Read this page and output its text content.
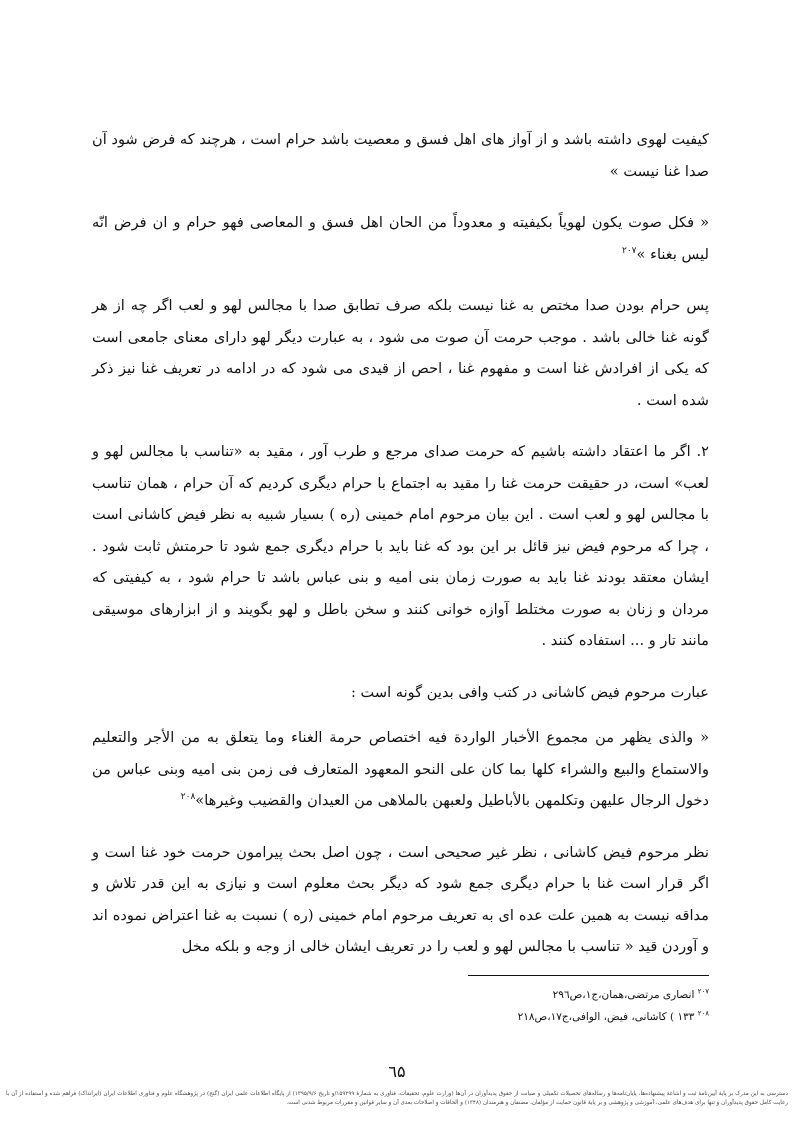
کیفیت لهوی داشته باشد و از آواز های اهل فسق و معصیت باشد حرام است ، هرچند که فرض شود آن صدا غنا نیست »

« فکل صوت یکون لهویاً بکیفیته و معدوداً من الحان اهل فسق و المعاصی فهو حرام و ان فرض انّه لیس بغناء »$^{۲۰۷}$

پس حرام بودن صدا مختص به غنا نیست بلکه صرف تطابق صدا با مجالس لهو و لعب اگر چه از هر گونه غنا خالی باشد . موجب حرمت آن صوت می شود ، به عبارت دیگر لهو دارای معنای جامعی است که یکی از افرادش غنا است و مفهوم غنا ، احص از قیدی می شود که در ادامه در تعریف غنا نیز ذکر شده است .

۲. اگر ما اعتقاد داشته باشیم که حرمت صدای مرجع و طرب آور ، مقید به «تناسب با مجالس لهو و لعب» است، در حقیقت حرمت غنا را مقید به اجتماع با حرام دیگری کردیم که آن حرام ، همان تناسب با مجالس لهو و لعب است . این بیان مرحوم امام خمینی (ره ) بسیار شبیه به نظر فیض کاشانی است ، چرا که مرحوم فیض نیز قائل بر این بود که غنا باید با حرام دیگری جمع شود تا حرمتش ثابت شود . ایشان معتقد بودند غنا باید به صورت زمان بنی امیه و بنی عباس باشد تا حرام شود ، به کیفیتی که مردان و زنان به صورت مختلط آوازه خوانی کنند و سخن باطل و لهو بگویند و از ابزارهای موسیقی مانند تار و ... استفاده کنند .

عبارت مرحوم فیض کاشانی در کتب وافی بدین گونه است :

« والذی یظهر من مجموع الأخبار الواردة فیه اختصاص حرمة الغناء وما یتعلق به من الأجر والتعلیم والاستماع والبیع والشراء کلها بما کان علی النحو المعهود المتعارف فی زمن بنی امیه وبنی عباس من دخول الرجال علیهن وتکلمهن بالأباطیل ولعبهن بالملاهی من العیدان والقضیب وغیرها»$^{۲۰۸}$

نظر مرحوم فیض کاشانی ، نظر غیر صحیحی است ، چون اصل بحث پیرامون حرمت خود غنا است و اگر قرار است غنا با حرام دیگری جمع شود که دیگر بحث معلوم است و نیازی به این قدر تلاش و مداقه نیست به همین علت عده ای به تعریف مرحوم امام خمینی (ره ) نسبت به غنا اعتراض نموده اند و آوردن قید « تناسب با مجالس لهو و لعب را در تعریف ایشان خالی از وجه و بلکه مخل

$^{۲۰۷}$ انصاری مرتضی،همان،ج۱،ص۲۹٦
$^{۲۰۸}$ ۱۳۳ ) کاشانی، فیض، الوافی،ج۱۷،ص۲۱۸
٦۵
دسترسی به این مدرک بر پایهٔ آیین‌نامهٔ ثبت و اشاعهٔ پیشنهاده‌ها، پایان‌نامه‌ها و رساله‌های تحصیلات تکمیلی و صیانت از حقوق پدیدآوران در آن‌ها (وزارت علوم، تحقیقات، فناوری به شمارهٔ ۱۵۹۲۹۹/و تاریخ ۱۳۹۵/۹/۶) از پایگاه اطلاعات علمی ایران (گنج) در پژوهشگاه علوم و فناوری اطلاعات ایران (ایرانداک) فراهم شده و استفاده از آن با رعایت کامل حقوق پدیدآوران و تنها برای هدف‌های علمی، آموزشی و پژوهشی و بر پایهٔ قانون حمایت از مؤلفان، مصنفان و هنرمندان (۱۳۴۸) و الحاقات و اصلاحات بعدی آن و سایر قوانین و مقررات مربوط شدنی است.
